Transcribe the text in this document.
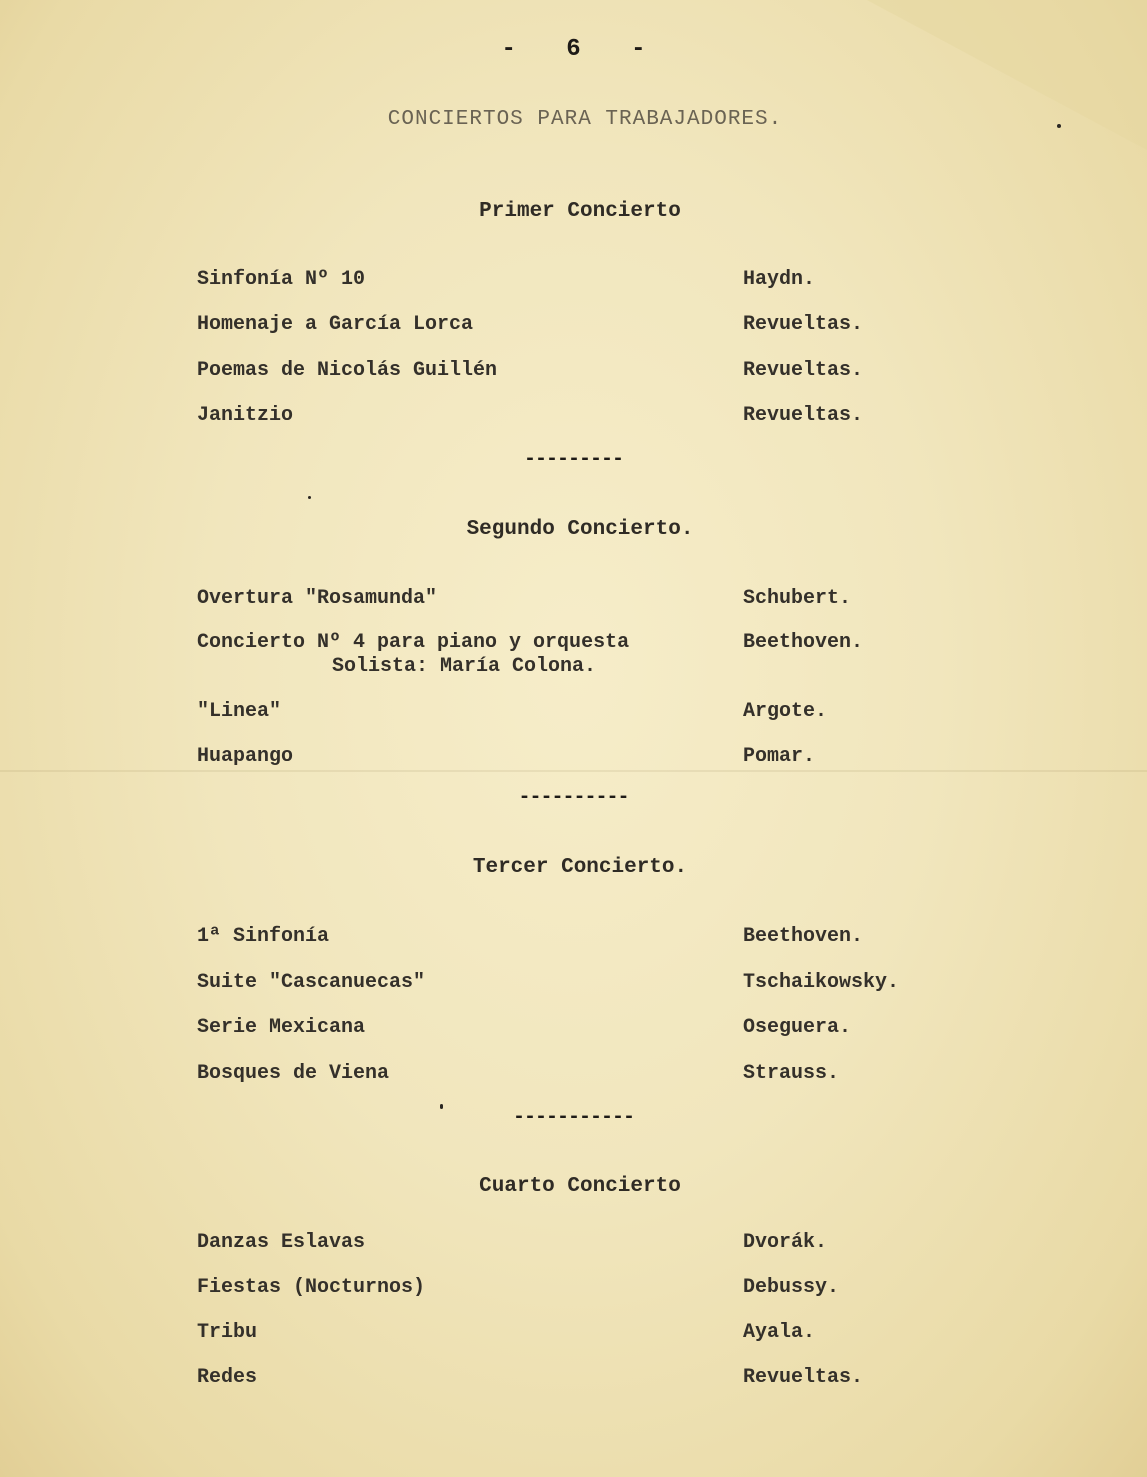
- 6 -
CONCIERTOS PARA TRABAJADORES.
Primer Concierto
Sinfonía Nº 10	Haydn.
Homenaje a García Lorca	Revueltas.
Poemas de Nicolás Guillén	Revueltas.
Janitzio	Revueltas.
---------
Segundo Concierto.
Overtura "Rosamunda"	Schubert.
Concierto Nº 4 para piano y orquesta	Beethoven.
Solista: María Colona.
"Linea"	Argote.
Huapango	Pomar.
----------
Tercer Concierto.
1ª Sinfonía	Beethoven.
Suite "Cascanuecas"	Tschaikowsky.
Serie Mexicana	Oseguera.
Bosques de Viena	Strauss.
-----------
Cuarto Concierto
Danzas Eslavas	Dvorák.
Fiestas (Nocturnos)	Debussy.
Tribu	Ayala.
Redes	Revueltas.
